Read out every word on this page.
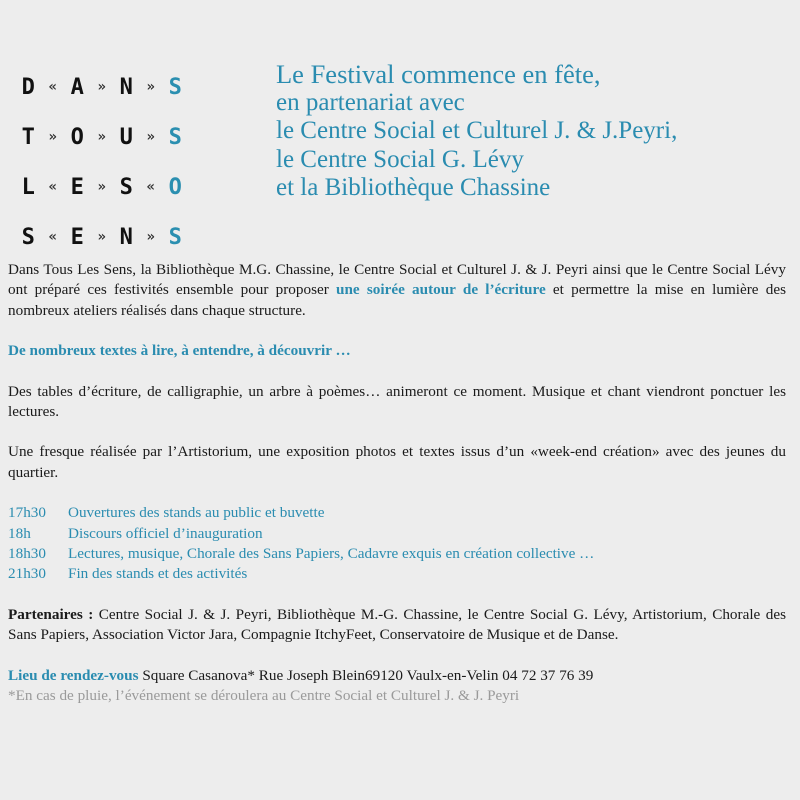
D « A » N » S
T » O » U » S
L « E » S « O
S « E » N » S
Le Festival commence en fête,
en partenariat avec
le Centre Social et Culturel J. & J.Peyri,
le Centre Social G. Lévy
et la Bibliothèque Chassine

Dans Tous Les Sens, la Bibliothèque M.G. Chassine, le Centre Social et Culturel J. & J. Peyri ainsi que le Centre Social Lévy ont préparé ces festivités ensemble pour proposer une soirée autour de l’écriture et permettre la mise en lumière des nombreux ateliers réalisés dans chaque structure.

De nombreux textes à lire, à entendre, à découvrir …

Des tables d’écriture, de calligraphie, un arbre à poèmes… animeront ce moment. Musique et chant viendront ponctuer les lectures.

Une fresque réalisée par l’Artistorium, une exposition photos et textes issus d’un «week-end création» avec des jeunes du quartier.

17h30	Ouvertures des stands au public et buvette
18h	Discours officiel d’inauguration
18h30	Lectures, musique, Chorale des Sans Papiers, Cadavre exquis en création collective …
21h30	Fin des stands et des activités

Partenaires : Centre Social J. & J. Peyri, Bibliothèque M.-G. Chassine, le Centre Social G. Lévy, Artistorium, Chorale des Sans Papiers, Association Victor Jara, Compagnie ItchyFeet, Conservatoire de Musique et de Danse.

Lieu de rendez-vous Square Casanova* Rue Joseph Blein69120 Vaulx-en-Velin 04 72 37 76 39

*En cas de pluie, l’événement se déroulera au Centre Social et Culturel J. & J. Peyri
